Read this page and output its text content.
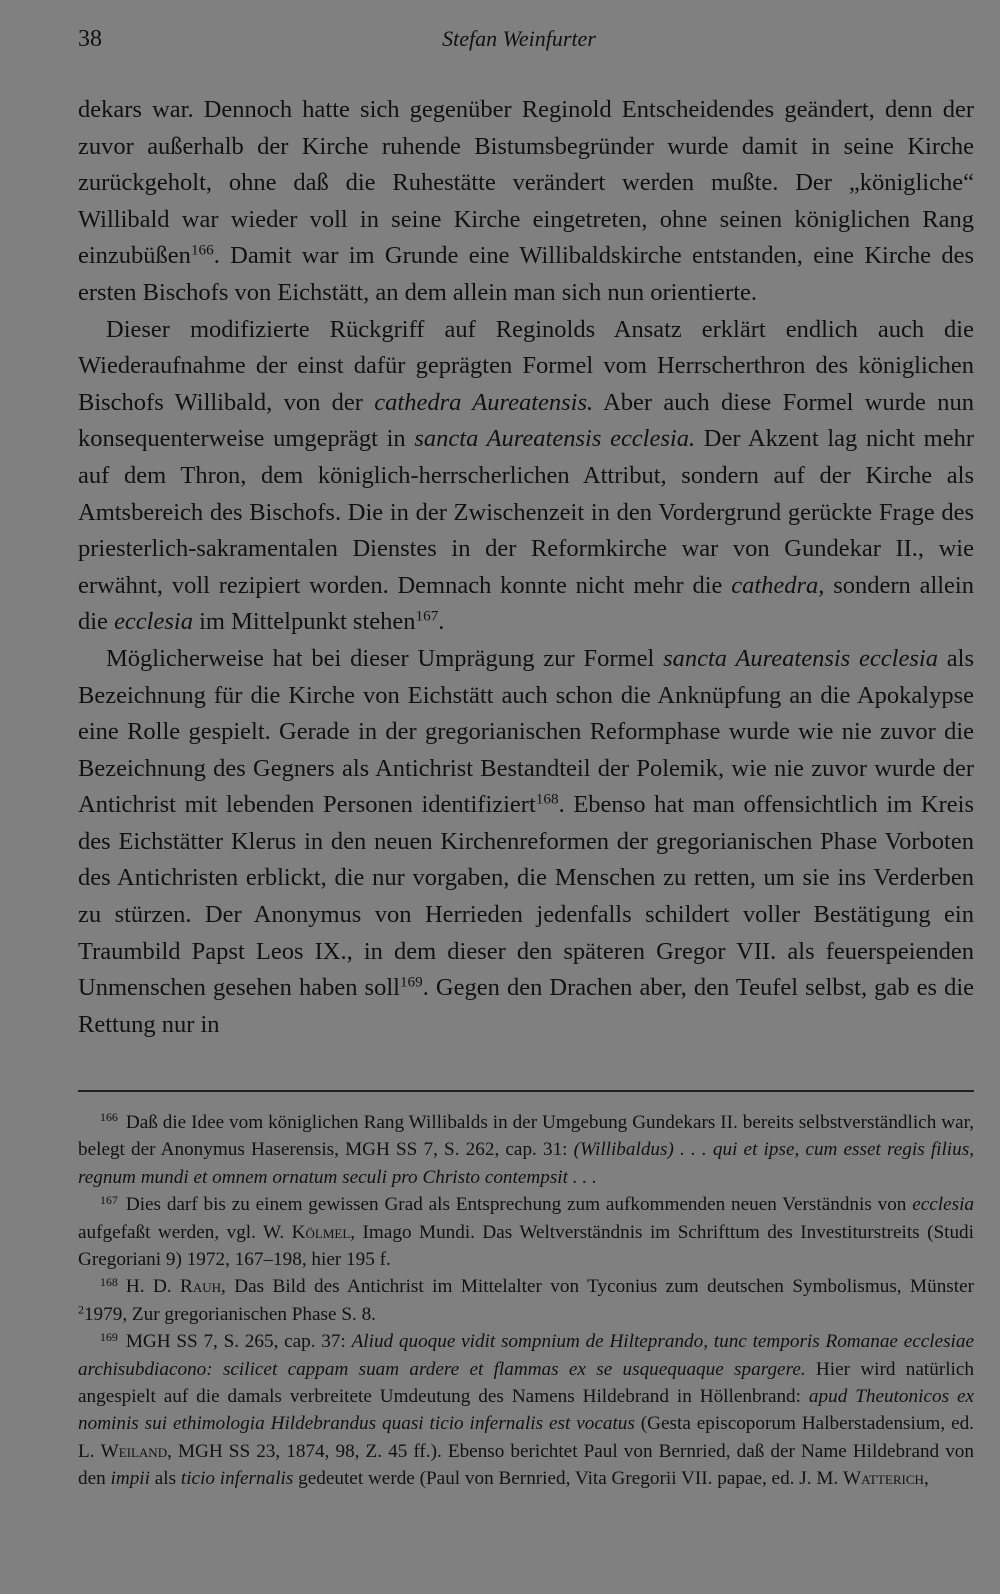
38	Stefan Weinfurter

dekars war. Dennoch hatte sich gegenüber Reginold Entscheidendes geändert, denn der zuvor außerhalb der Kirche ruhende Bistumsbegründer wurde damit in seine Kirche zurückgeholt, ohne daß die Ruhestätte verändert werden mußte. Der „königliche“ Willibald war wieder voll in seine Kirche eingetreten, ohne seinen königlichen Rang einzubüßen$^{166}$. Damit war im Grunde eine Willibaldskirche entstanden, eine Kirche des ersten Bischofs von Eichstätt, an dem allein man sich nun orientierte.

Dieser modifizierte Rückgriff auf Reginolds Ansatz erklärt endlich auch die Wiederaufnahme der einst dafür geprägten Formel vom Herrscherthron des königlichen Bischofs Willibald, von der cathedra Aureatensis. Aber auch diese Formel wurde nun konsequenterweise umgeprägt in sancta Aureatensis ecclesia. Der Akzent lag nicht mehr auf dem Thron, dem königlich-herrscherlichen Attribut, sondern auf der Kirche als Amtsbereich des Bischofs. Die in der Zwischenzeit in den Vordergrund gerückte Frage des priesterlich-sakramentalen Dienstes in der Reformkirche war von Gundekar II., wie erwähnt, voll rezipiert worden. Demnach konnte nicht mehr die cathedra, sondern allein die ecclesia im Mittelpunkt stehen$^{167}$.

Möglicherweise hat bei dieser Umprägung zur Formel sancta Aureatensis ecclesia als Bezeichnung für die Kirche von Eichstätt auch schon die Anknüpfung an die Apokalypse eine Rolle gespielt. Gerade in der gregorianischen Reformphase wurde wie nie zuvor die Bezeichnung des Gegners als Antichrist Bestandteil der Polemik, wie nie zuvor wurde der Antichrist mit lebenden Personen identifiziert$^{168}$. Ebenso hat man offensichtlich im Kreis des Eichstätter Klerus in den neuen Kirchenreformen der gregorianischen Phase Vorboten des Antichristen erblickt, die nur vorgaben, die Menschen zu retten, um sie ins Verderben zu stürzen. Der Anonymus von Herrieden jedenfalls schildert voller Bestätigung ein Traumbild Papst Leos IX., in dem dieser den späteren Gregor VII. als feuerspeienden Unmenschen gesehen haben soll$^{169}$. Gegen den Drachen aber, den Teufel selbst, gab es die Rettung nur in

$^{166}$ Daß die Idee vom königlichen Rang Willibalds in der Umgebung Gundekars II. bereits selbstverständlich war, belegt der Anonymus Haserensis, MGH SS 7, S. 262, cap. 31: (Willibaldus) . . . qui et ipse, cum esset regis filius, regnum mundi et omnem ornatum seculi pro Christo contempsit . . .

$^{167}$ Dies darf bis zu einem gewissen Grad als Entsprechung zum aufkommenden neuen Verständnis von ecclesia aufgefaßt werden, vgl. W. Kölmel, Imago Mundi. Das Weltverständnis im Schrifttum des Investiturstreits (Studi Gregoriani 9) 1972, 167–198, hier 195 f.

$^{168}$ H. D. Rauh, Das Bild des Antichrist im Mittelalter von Tyconius zum deutschen Symbolismus, Münster $^2$1979, Zur gregorianischen Phase S. 8.

$^{169}$ MGH SS 7, S. 265, cap. 37: Aliud quoque vidit sompnium de Hilteprando, tunc temporis Romanae ecclesiae archisubdiacono: scilicet cappam suam ardere et flammas ex se usquequaque spargere. Hier wird natürlich angespielt auf die damals verbreitete Umdeutung des Namens Hildebrand in Höllenbrand: apud Theutonicos ex nominis sui ethimologia Hildebrandus quasi ticio infernalis est vocatus (Gesta episcoporum Halberstadensium, ed. L. Weiland, MGH SS 23, 1874, 98, Z. 45 ff.). Ebenso berichtet Paul von Bernried, daß der Name Hildebrand von den impii als ticio infernalis gedeutet werde (Paul von Bernried, Vita Gregorii VII. papae, ed. J. M. Watterich,
